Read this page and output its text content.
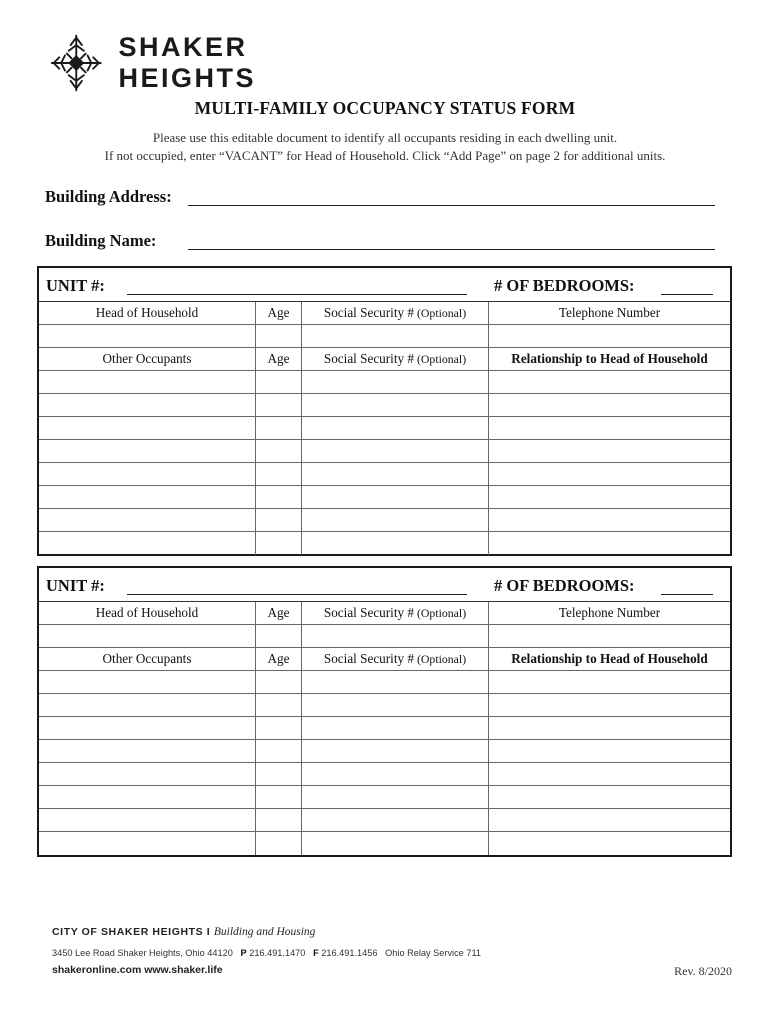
SHAKER HEIGHTS
MULTI-FAMILY OCCUPANCY STATUS FORM
Please use this editable document to identify all occupants residing in each dwelling unit.
If not occupied, enter “VACANT” for Head of Household. Click “Add Page” on page 2 for additional units.
Building Address:
Building Name:
UNIT #:	# OF BEDROOMS:
Head of Household	Age	Social Security # (Optional)	Telephone Number
Other Occupants	Age	Social Security # (Optional)	Relationship to Head of Household
UNIT #:	# OF BEDROOMS:
Head of Household	Age	Social Security # (Optional)	Telephone Number
Other Occupants	Age	Social Security # (Optional)	Relationship to Head of Household
CITY OF SHAKER HEIGHTS I Building and Housing
3450 Lee Road Shaker Heights, Ohio 44120 P 216.491.1470 F 216.491.1456 Ohio Relay Service 711
shakeronline.com www.shaker.life	Rev. 8/2020
